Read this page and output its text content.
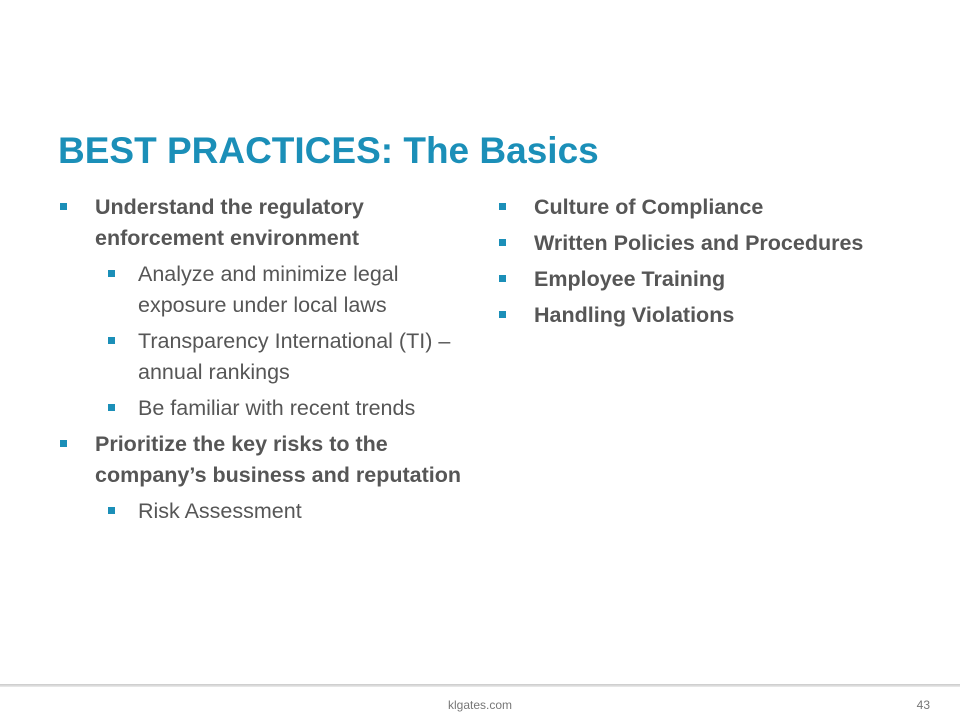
BEST PRACTICES: The Basics
Understand the regulatory enforcement environment
Analyze and minimize legal exposure under local laws
Transparency International (TI) – annual rankings
Be familiar with recent trends
Prioritize the key risks to the company’s business and reputation
Risk Assessment
Culture of Compliance
Written Policies and Procedures
Employee Training
Handling Violations
klgates.com	43
